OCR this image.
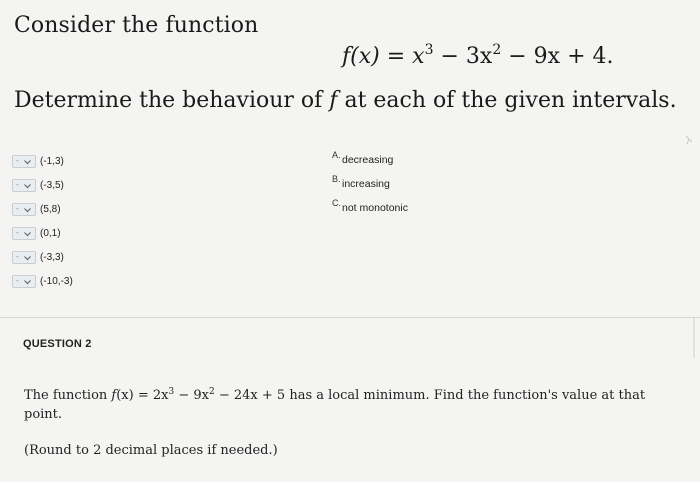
Consider the function
$f(x) = x^3 - 3x^2 - 9x + 4$.
Determine the behaviour of f at each of the given intervals.
- (-1,3)
- (-3,5)
- (5,8)
- (0,1)
- (-3,3)
- (-10,-3)
A. decreasing
B. increasing
C. not monotonic
QUESTION 2
The function $f(x) = 2x^3 - 9x^2 - 24x + 5$ has a local minimum. Find the function's value at that point.
(Round to 2 decimal places if needed.)
